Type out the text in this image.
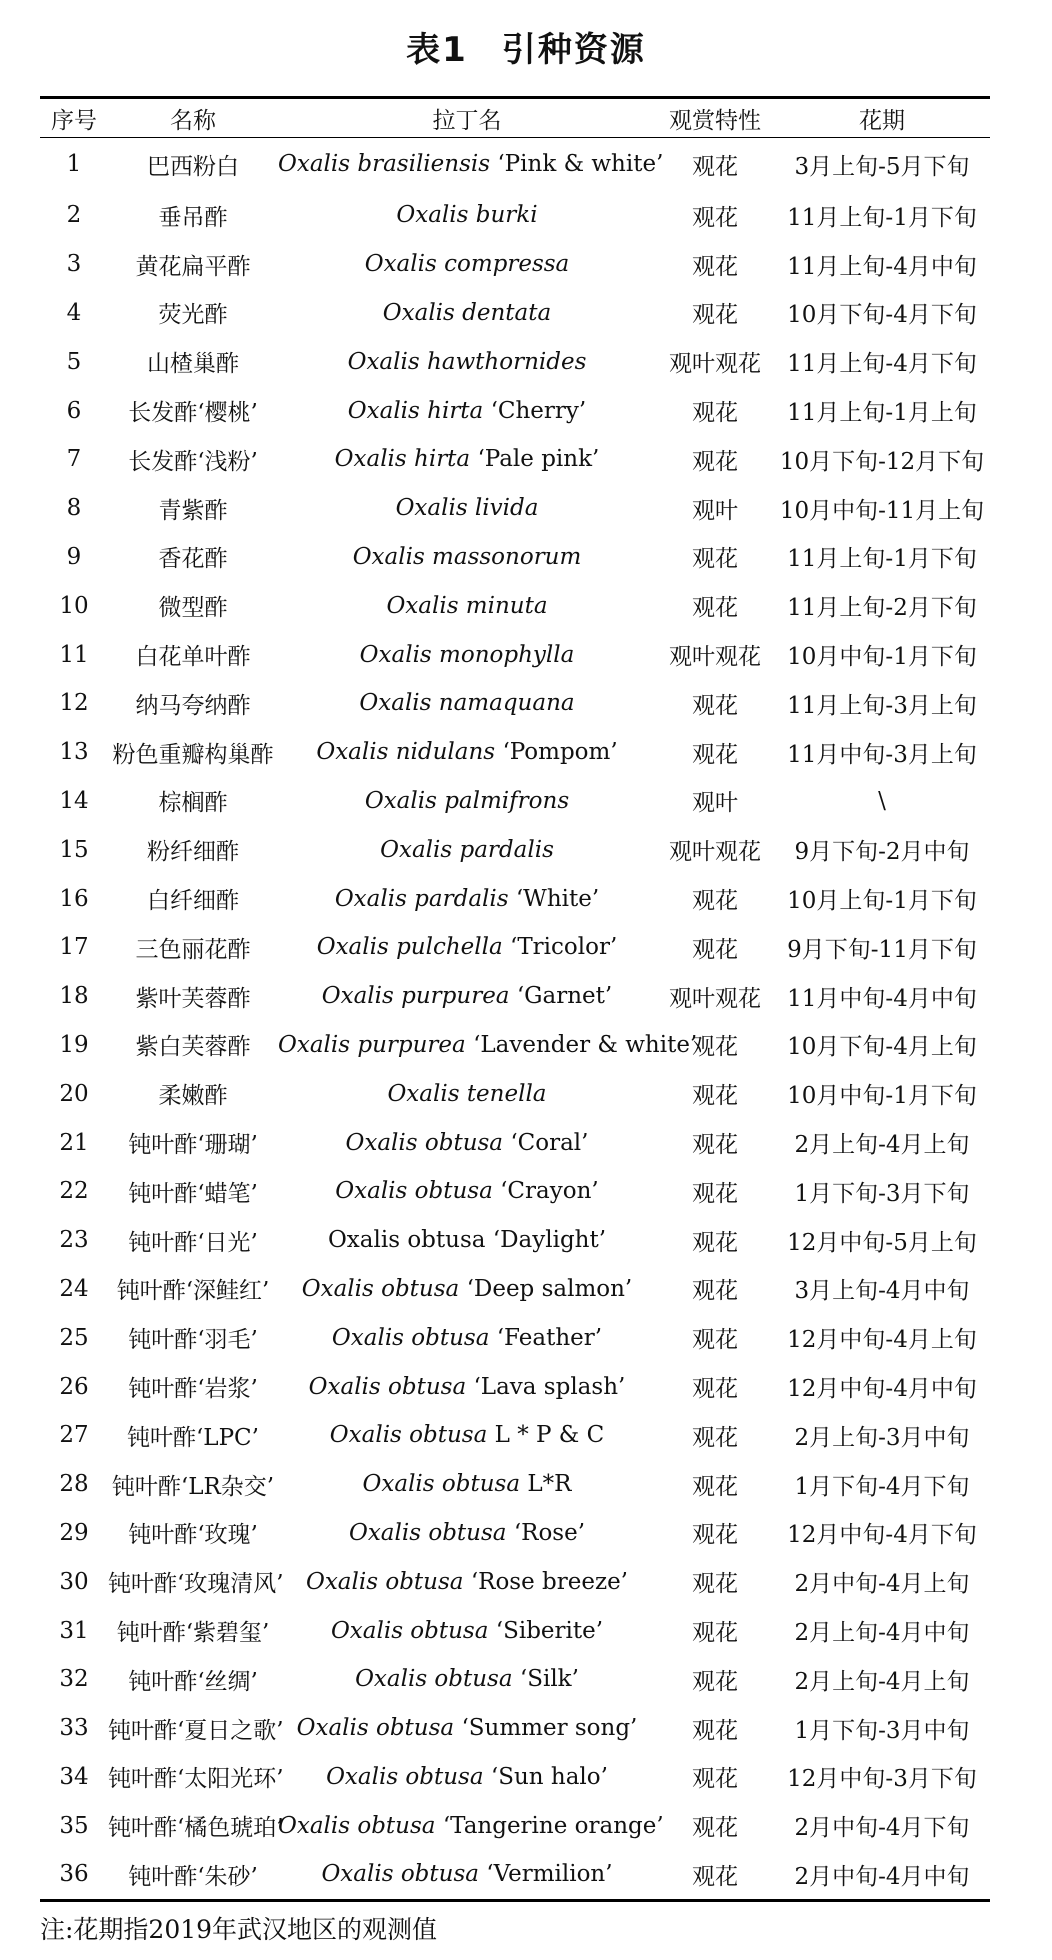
表1 引种资源
序号	名称	拉丁名	观赏特性	花期
1	巴西粉白	Oxalis brasiliensis ‘Pink & white’	观花	3月上旬-5月下旬
2	垂吊酢	Oxalis burki	观花	11月上旬-1月下旬
3	黄花扁平酢	Oxalis compressa	观花	11月上旬-4月中旬
4	荧光酢	Oxalis dentata	观花	10月下旬-4月下旬
5	山楂巢酢	Oxalis hawthornides	观叶观花	11月上旬-4月下旬
6	长发酢‘樱桃’	Oxalis hirta ‘Cherry’	观花	11月上旬-1月上旬
7	长发酢‘浅粉’	Oxalis hirta ‘Pale pink’	观花	10月下旬-12月下旬
8	青紫酢	Oxalis livida	观叶	10月中旬-11月上旬
9	香花酢	Oxalis massonorum	观花	11月上旬-1月下旬
10	微型酢	Oxalis minuta	观花	11月上旬-2月下旬
11	白花单叶酢	Oxalis monophylla	观叶观花	10月中旬-1月下旬
12	纳马夸纳酢	Oxalis namaquana	观花	11月上旬-3月上旬
13	粉色重瓣构巢酢	Oxalis nidulans ‘Pompom’	观花	11月中旬-3月上旬
14	棕榈酢	Oxalis palmifrons	观叶	\
15	粉纤细酢	Oxalis pardalis	观叶观花	9月下旬-2月中旬
16	白纤细酢	Oxalis pardalis ‘White’	观花	10月上旬-1月下旬
17	三色丽花酢	Oxalis pulchella ‘Tricolor’	观花	9月下旬-11月下旬
18	紫叶芙蓉酢	Oxalis purpurea ‘Garnet’	观叶观花	11月中旬-4月中旬
19	紫白芙蓉酢	Oxalis purpurea ‘Lavender & white’	观花	10月下旬-4月上旬
20	柔嫩酢	Oxalis tenella	观花	10月中旬-1月下旬
21	钝叶酢‘珊瑚’	Oxalis obtusa ‘Coral’	观花	2月上旬-4月上旬
22	钝叶酢‘蜡笔’	Oxalis obtusa ‘Crayon’	观花	1月下旬-3月下旬
23	钝叶酢‘日光’	Oxalis obtusa ‘Daylight’	观花	12月中旬-5月上旬
24	钝叶酢‘深鲑红’	Oxalis obtusa ‘Deep salmon’	观花	3月上旬-4月中旬
25	钝叶酢‘羽毛’	Oxalis obtusa ‘Feather’	观花	12月中旬-4月上旬
26	钝叶酢‘岩浆’	Oxalis obtusa ‘Lava splash’	观花	12月中旬-4月中旬
27	钝叶酢‘LPC’	Oxalis obtusa L * P & C	观花	2月上旬-3月中旬
28	钝叶酢‘LR杂交’	Oxalis obtusa L*R	观花	1月下旬-4月下旬
29	钝叶酢‘玫瑰’	Oxalis obtusa ‘Rose’	观花	12月中旬-4月下旬
30	钝叶酢‘玫瑰清风’	Oxalis obtusa ‘Rose breeze’	观花	2月中旬-4月上旬
31	钝叶酢‘紫碧玺’	Oxalis obtusa ‘Siberite’	观花	2月上旬-4月中旬
32	钝叶酢‘丝绸’	Oxalis obtusa ‘Silk’	观花	2月上旬-4月上旬
33	钝叶酢‘夏日之歌’	Oxalis obtusa ‘Summer song’	观花	1月下旬-3月中旬
34	钝叶酢‘太阳光环’	Oxalis obtusa ‘Sun halo’	观花	12月中旬-3月下旬
35	钝叶酢‘橘色琥珀’	Oxalis obtusa ‘Tangerine orange’	观花	2月中旬-4月下旬
36	钝叶酢‘朱砂’	Oxalis obtusa ‘Vermilion’	观花	2月中旬-4月中旬
注:花期指2019年武汉地区的观测值
